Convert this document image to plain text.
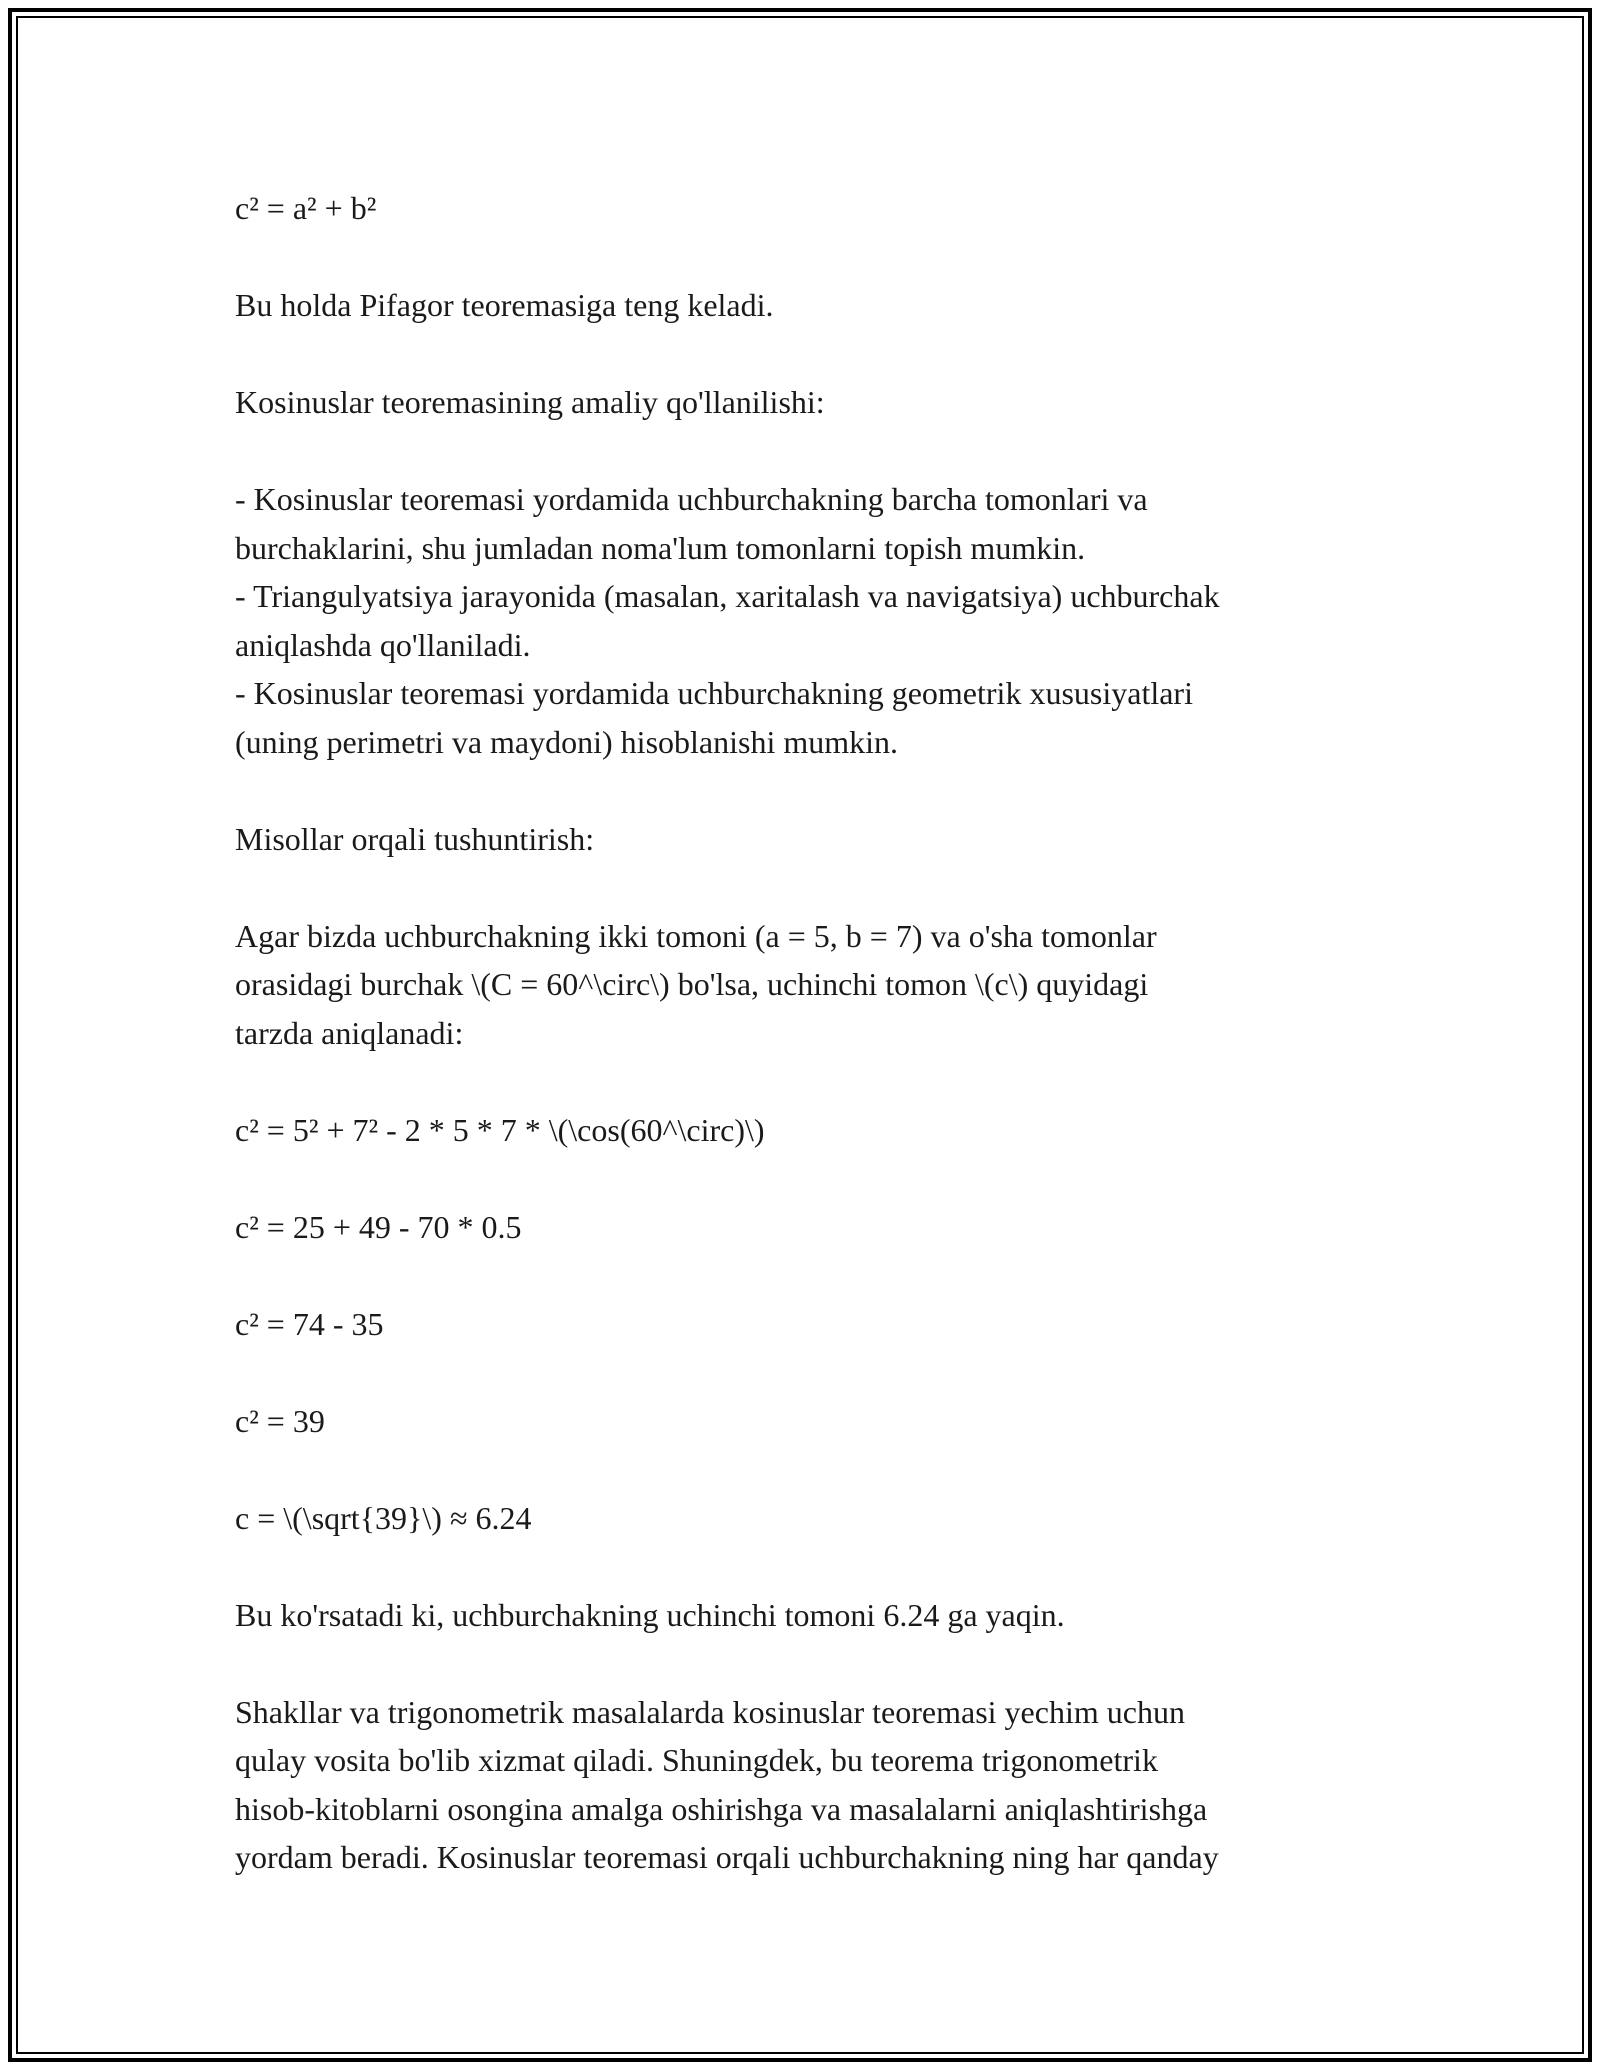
c² = a² + b²
Bu holda Pifagor teoremasiga teng keladi.
Kosinuslar teoremasining amaliy qo'llanilishi:
- Kosinuslar teoremasi yordamida uchburchakning barcha tomonlari va
burchaklarini, shu jumladan noma'lum tomonlarni topish mumkin.
- Triangulyatsiya jarayonida (masalan, xaritalash va navigatsiya) uchburchak
aniqlashda qo'llaniladi.
- Kosinuslar teoremasi yordamida uchburchakning geometrik xususiyatlari
(uning perimetri va maydoni) hisoblanishi mumkin.
Misollar orqali tushuntirish:
Agar bizda uchburchakning ikki tomoni (a = 5, b = 7) va o'sha tomonlar
orasidagi burchak \(C = 60^\circ\) bo'lsa, uchinchi tomon \(c\) quyidagi
tarzda aniqlanadi:
c² = 5² + 7² - 2 * 5 * 7 * \(\cos(60^\circ)\)
c² = 25 + 49 - 70 * 0.5
c² = 74 - 35
c² = 39
c = \(\sqrt{39}\) ≈ 6.24
Bu ko'rsatadi ki, uchburchakning uchinchi tomoni 6.24 ga yaqin.
Shakllar va trigonometrik masalalarda kosinuslar teoremasi yechim uchun
qulay vosita bo'lib xizmat qiladi. Shuningdek, bu teorema trigonometrik
hisob-kitoblarni osongina amalga oshirishga va masalalarni aniqlashtirishga
yordam beradi. Kosinuslar teoremasi orqali uchburchakning ning har qanday
